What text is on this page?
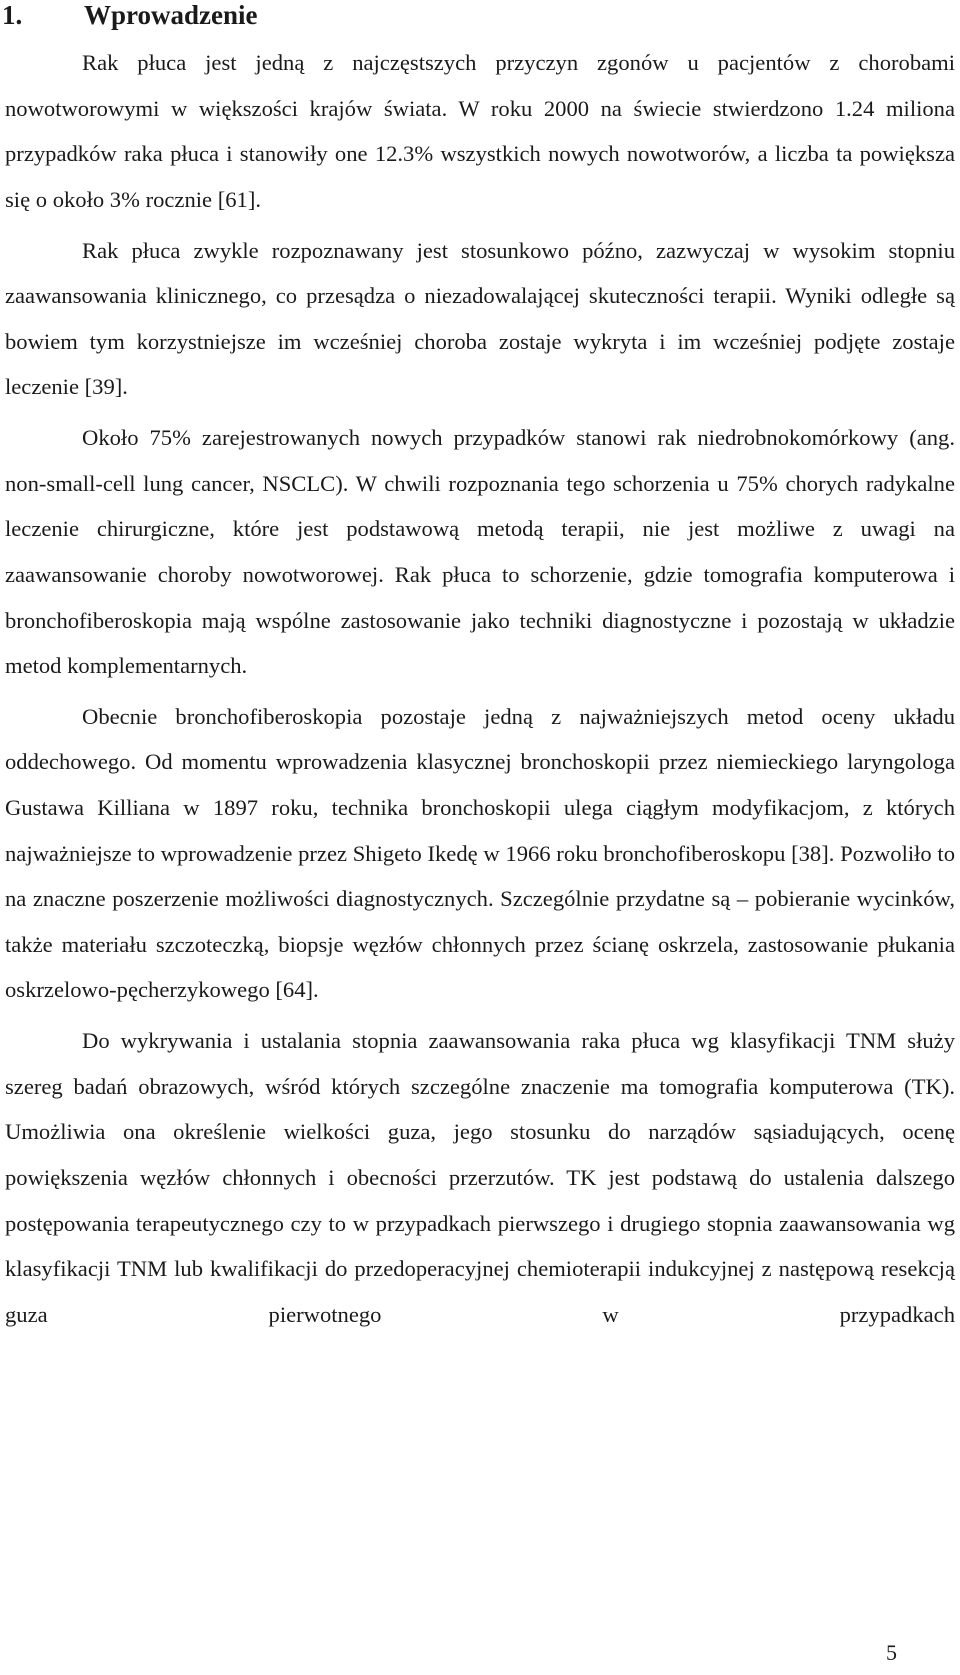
1. Wprowadzenie

Rak płuca jest jedną z najczęstszych przyczyn zgonów u pacjentów z chorobami nowotworowymi w większości krajów świata. W roku 2000 na świecie stwierdzono 1.24 miliona przypadków raka płuca i stanowiły one 12.3% wszystkich nowych nowotworów, a liczba ta powiększa się o około 3% rocznie [61].

Rak płuca zwykle rozpoznawany jest stosunkowo późno, zazwyczaj w wysokim stopniu zaawansowania klinicznego, co przesądza o niezadowalającej skuteczności terapii. Wyniki odległe są bowiem tym korzystniejsze im wcześniej choroba zostaje wykryta i im wcześniej podjęte zostaje leczenie [39].

Około 75% zarejestrowanych nowych przypadków stanowi rak niedrobnokomórkowy (ang. non-small-cell lung cancer, NSCLC). W chwili rozpoznania tego schorzenia u 75% chorych radykalne leczenie chirurgiczne, które jest podstawową metodą terapii, nie jest możliwe z uwagi na zaawansowanie choroby nowotworowej. Rak płuca to schorzenie, gdzie tomografia komputerowa i bronchofiberoskopia mają wspólne zastosowanie jako techniki diagnostyczne i pozostają w układzie metod komplementarnych.

Obecnie bronchofiberoskopia pozostaje jedną z najważniejszych metod oceny układu oddechowego. Od momentu wprowadzenia klasycznej bronchoskopii przez niemieckiego laryngologa Gustawa Killiana w 1897 roku, technika bronchoskopii ulega ciągłym modyfikacjom, z których najważniejsze to wprowadzenie przez Shigeto Ikedę w 1966 roku bronchofiberoskopu [38]. Pozwoliło to na znaczne poszerzenie możliwości diagnostycznych. Szczególnie przydatne są – pobieranie wycinków, także materiału szczoteczką, biopsje węzłów chłonnych przez ścianę oskrzela, zastosowanie płukania oskrzelowo-pęcherzykowego [64].

Do wykrywania i ustalania stopnia zaawansowania raka płuca wg klasyfikacji TNM służy szereg badań obrazowych, wśród których szczególne znaczenie ma tomografia komputerowa (TK). Umożliwia ona określenie wielkości guza, jego stosunku do narządów sąsiadujących, ocenę powiększenia węzłów chłonnych i obecności przerzutów. TK jest podstawą do ustalenia dalszego postępowania terapeutycznego czy to w przypadkach pierwszego i drugiego stopnia zaawansowania wg klasyfikacji TNM lub kwalifikacji do przedoperacyjnej chemioterapii indukcyjnej z następową resekcją guza pierwotnego w przypadkach

5
